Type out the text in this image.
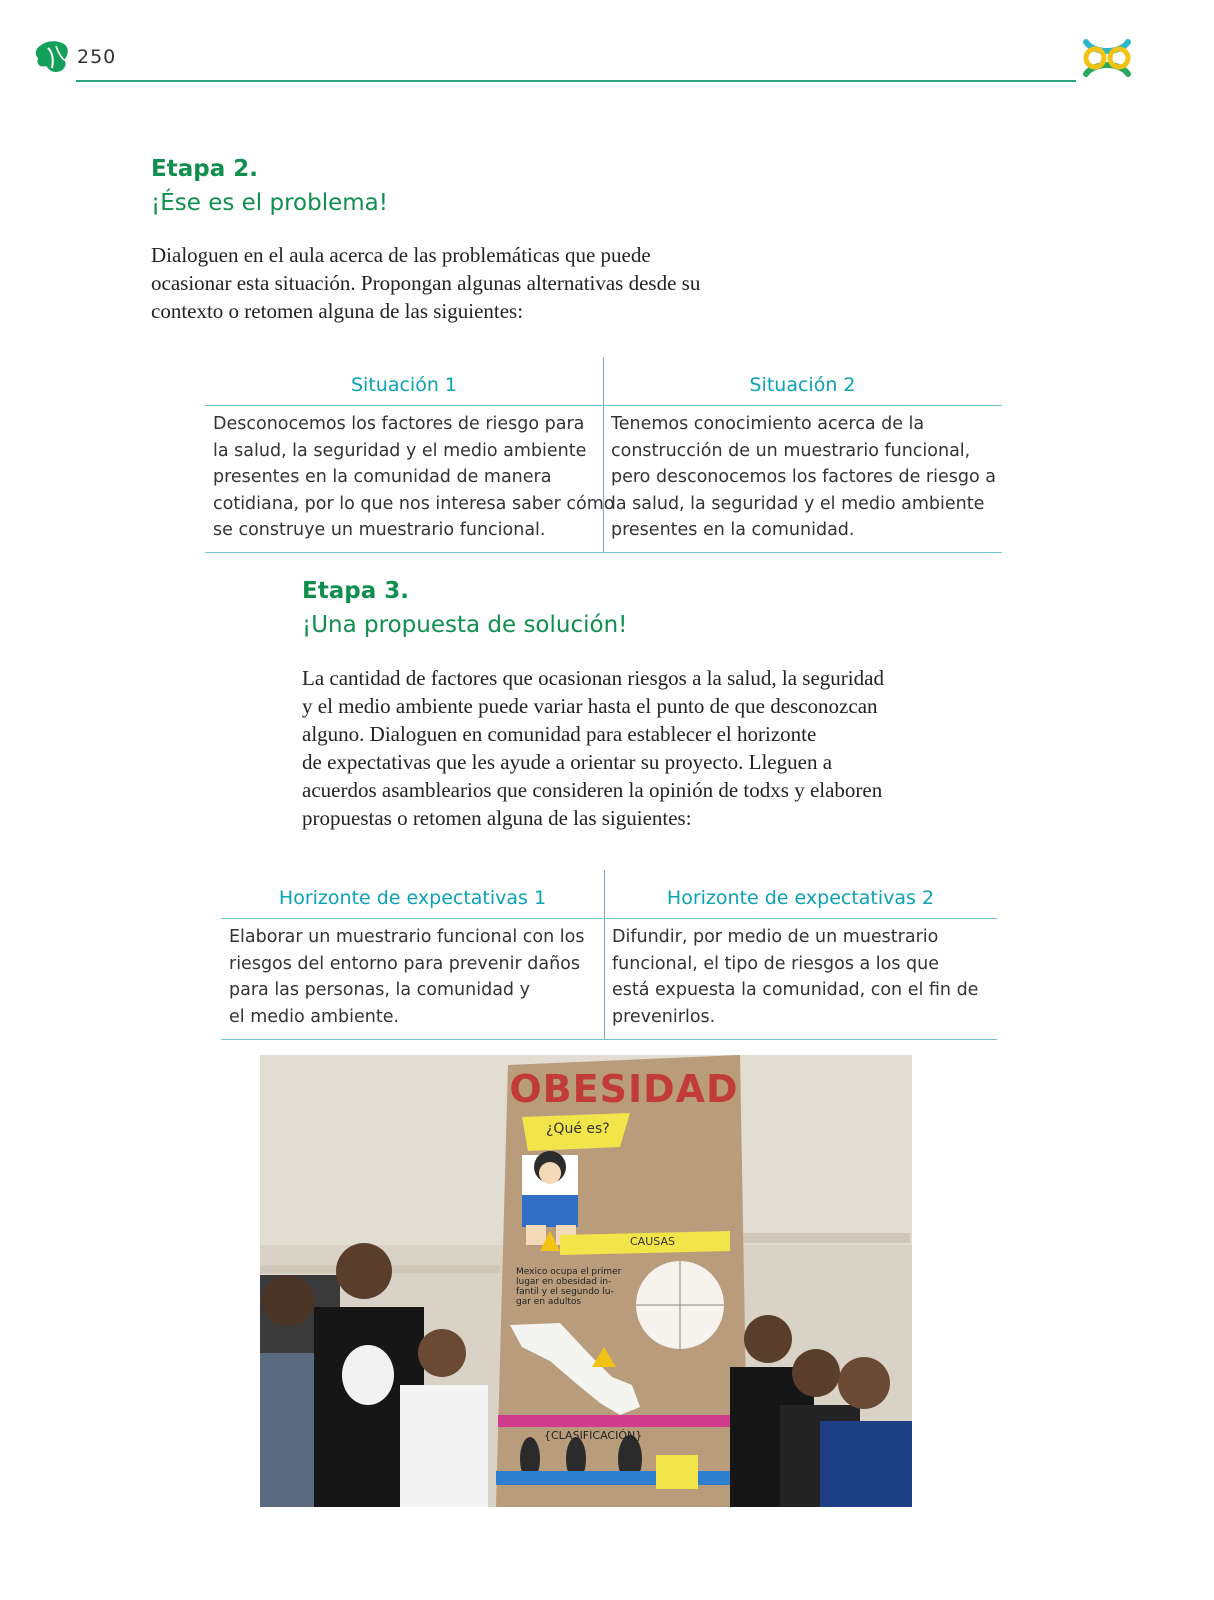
250
Etapa 2.
¡Ése es el problema!
Dialoguen en el aula acerca de las problemáticas que puede
ocasionar esta situación. Propongan algunas alternativas desde su
contexto o retomen alguna de las siguientes:
Situación 1	Situación 2
Desconocemos los factores de riesgo para
la salud, la seguridad y el medio ambiente
presentes en la comunidad de manera
cotidiana, por lo que nos interesa saber cómo
se construye un muestrario funcional.
Tenemos conocimiento acerca de la
construcción de un muestrario funcional,
pero desconocemos los factores de riesgo a
la salud, la seguridad y el medio ambiente
presentes en la comunidad.
Etapa 3.
¡Una propuesta de solución!
La cantidad de factores que ocasionan riesgos a la salud, la seguridad
y el medio ambiente puede variar hasta el punto de que desconozcan
alguno. Dialoguen en comunidad para establecer el horizonte
de expectativas que les ayude a orientar su proyecto. Lleguen a
acuerdos asamblearios que consideren la opinión de todxs y elaboren
propuestas o retomen alguna de las siguientes:
Horizonte de expectativas 1	Horizonte de expectativas 2
Elaborar un muestrario funcional con los
riesgos del entorno para prevenir daños
para las personas, la comunidad y
el medio ambiente.
Difundir, por medio de un muestrario
funcional, el tipo de riesgos a los que
está expuesta la comunidad, con el fin de
prevenirlos.
OBESIDAD
¿Qué es?
CAUSAS
Mexico ocupa el primer
lugar en obesidad in-
fantil y el segundo lu-
gar en adultos
{CLASIFICACIÓN}
